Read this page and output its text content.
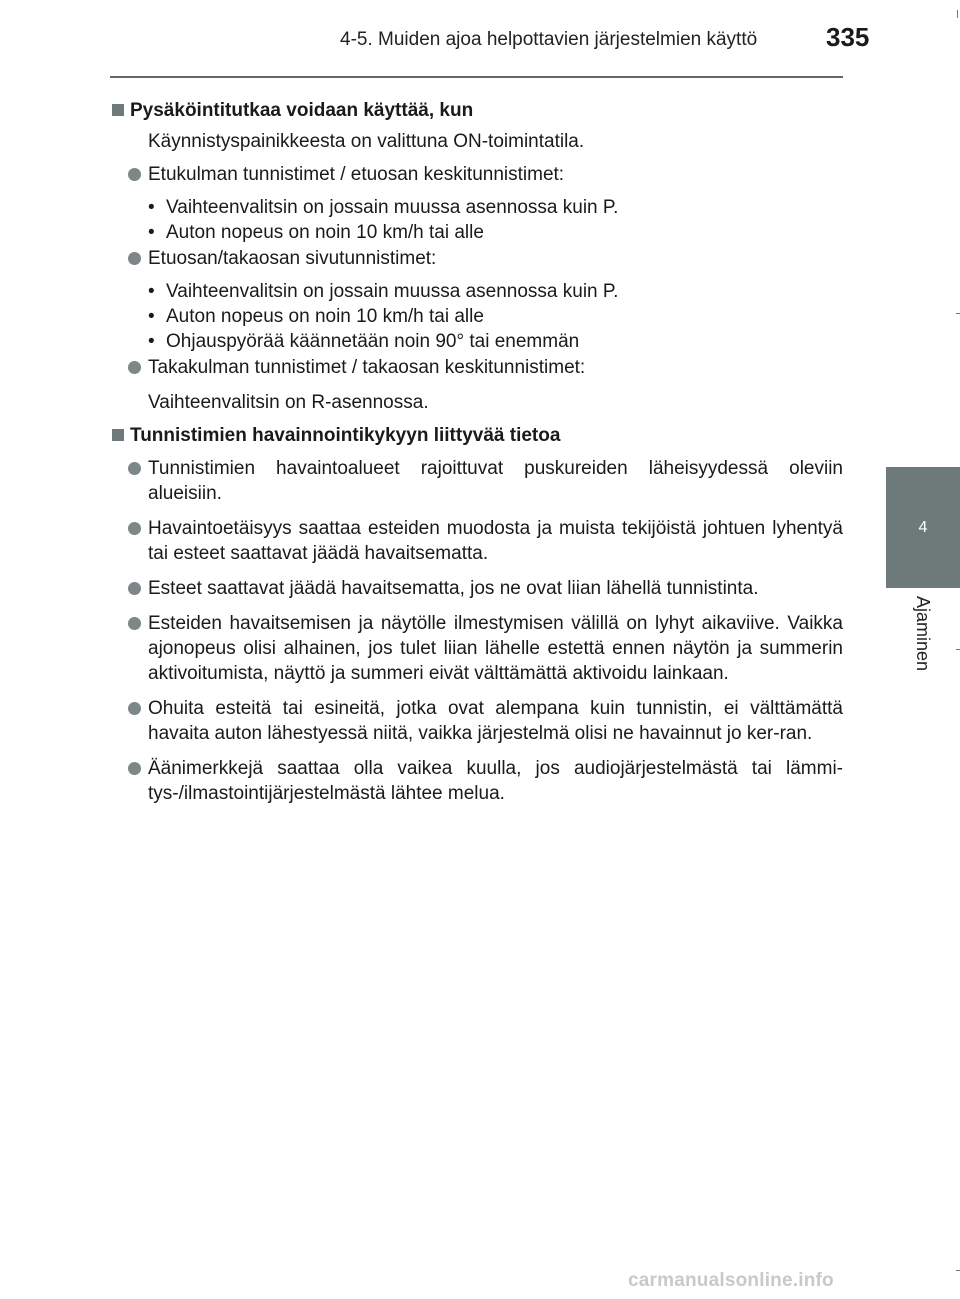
4-5. Muiden ajoa helpottavien järjestelmien käyttö	335
4
Ajaminen
Pysäköintitutkaa voidaan käyttää, kun
Käynnistyspainikkeesta on valittuna ON-toimintatila.
Etukulman tunnistimet / etuosan keskitunnistimet:
• Vaihteenvalitsin on jossain muussa asennossa kuin P.
• Auton nopeus on noin 10 km/h tai alle
Etuosan/takaosan sivutunnistimet:
• Vaihteenvalitsin on jossain muussa asennossa kuin P.
• Auton nopeus on noin 10 km/h tai alle
• Ohjauspyörää käännetään noin 90° tai enemmän
Takakulman tunnistimet / takaosan keskitunnistimet:
Vaihteenvalitsin on R-asennossa.
Tunnistimien havainnointikykyyn liittyvää tietoa
Tunnistimien havaintoalueet rajoittuvat puskureiden läheisyydessä oleviin alueisiin.
Havaintoetäisyys saattaa esteiden muodosta ja muista tekijöistä johtuen lyhentyä tai esteet saattavat jäädä havaitsematta.
Esteet saattavat jäädä havaitsematta, jos ne ovat liian lähellä tunnistinta.
Esteiden havaitsemisen ja näytölle ilmestymisen välillä on lyhyt aikaviive. Vaikka ajonopeus olisi alhainen, jos tulet liian lähelle estettä ennen näytön ja summerin aktivoitumista, näyttö ja summeri eivät välttämättä aktivoidu lainkaan.
Ohuita esteitä tai esineitä, jotka ovat alempana kuin tunnistin, ei välttämättä havaita auton lähestyessä niitä, vaikka järjestelmä olisi ne havainnut jo ker-ran.
Äänimerkkejä saattaa olla vaikea kuulla, jos audiojärjestelmästä tai lämmi-tys-/ilmastointijärjestelmästä lähtee melua.
carmanualsonline.info
